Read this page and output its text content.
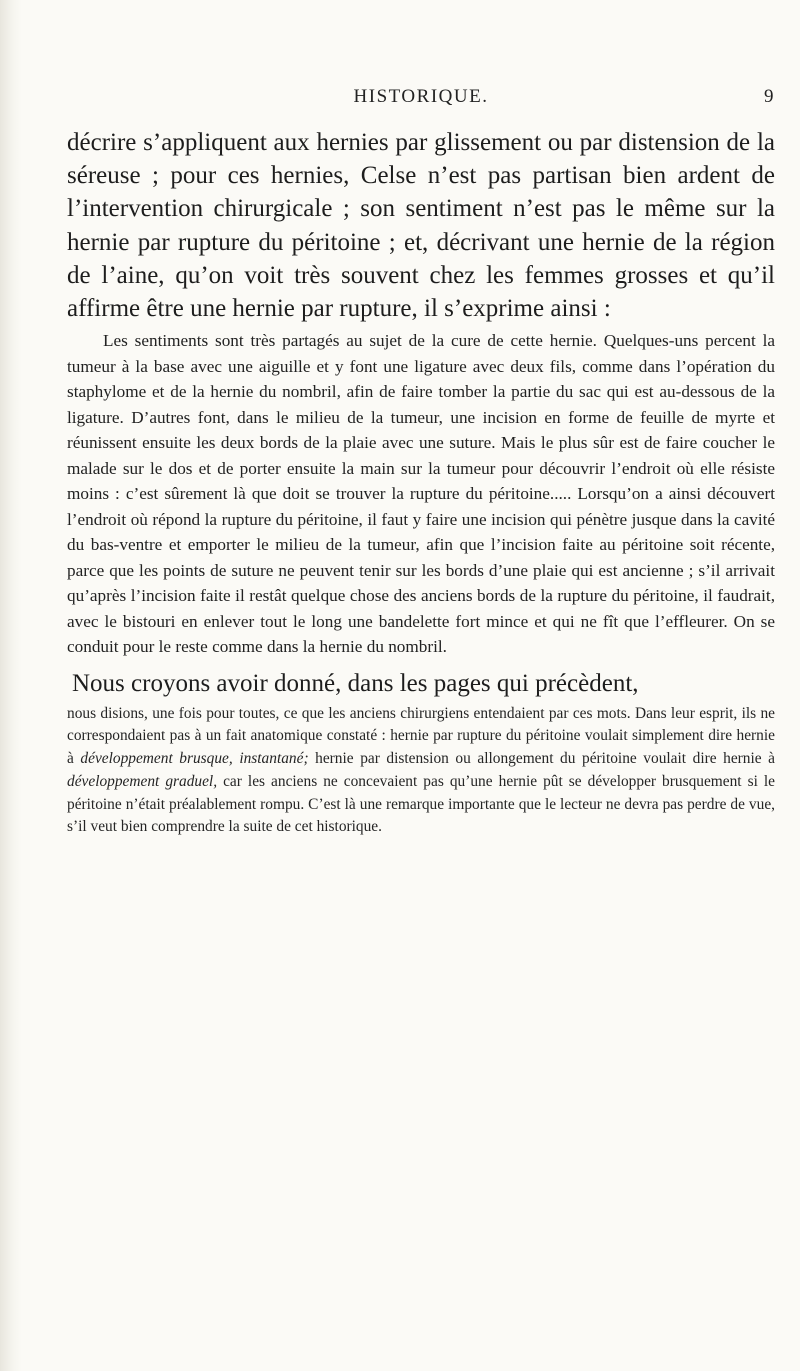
HISTORIQUE.	9

décrire s’appliquent aux hernies par glissement ou par distension de la séreuse ; pour ces hernies, Celse n’est pas partisan bien ardent de l’intervention chirurgicale ; son sentiment n’est pas le même sur la hernie par rupture du péritoine ; et, décrivant une hernie de la région de l’aine, qu’on voit très souvent chez les femmes grosses et qu’il affirme être une hernie par rupture, il s’exprime ainsi :

Les sentiments sont très partagés au sujet de la cure de cette hernie. Quelques-uns percent la tumeur à la base avec une aiguille et y font une ligature avec deux fils, comme dans l’opération du staphylome et de la hernie du nombril, afin de faire tomber la partie du sac qui est au-dessous de la ligature. D’autres font, dans le milieu de la tumeur, une incision en forme de feuille de myrte et réunissent ensuite les deux bords de la plaie avec une suture. Mais le plus sûr est de faire coucher le malade sur le dos et de porter ensuite la main sur la tumeur pour découvrir l’endroit où elle résiste moins : c’est sûrement là que doit se trouver la rupture du péritoine..... Lorsqu’on a ainsi découvert l’endroit où répond la rupture du péritoine, il faut y faire une incision qui pénètre jusque dans la cavité du bas-ventre et emporter le milieu de la tumeur, afin que l’incision faite au péritoine soit récente, parce que les points de suture ne peuvent tenir sur les bords d’une plaie qui est ancienne ; s’il arrivait qu’après l’incision faite il restât quelque chose des anciens bords de la rupture du péritoine, il faudrait, avec le bistouri en enlever tout le long une bandelette fort mince et qui ne fît que l’effleurer. On se conduit pour le reste comme dans la hernie du nombril.

Nous croyons avoir donné, dans les pages qui précèdent,

nous disions, une fois pour toutes, ce que les anciens chirurgiens entendaient par ces mots. Dans leur esprit, ils ne correspondaient pas à un fait anatomique constaté : hernie par rupture du péritoine voulait simplement dire hernie à développement brusque, instantané; hernie par distension ou allongement du péritoine voulait dire hernie à développement graduel, car les anciens ne concevaient pas qu’une hernie pût se développer brusquement si le péritoine n’était préalablement rompu. C’est là une remarque importante que le lecteur ne devra pas perdre de vue, s’il veut bien comprendre la suite de cet historique.
